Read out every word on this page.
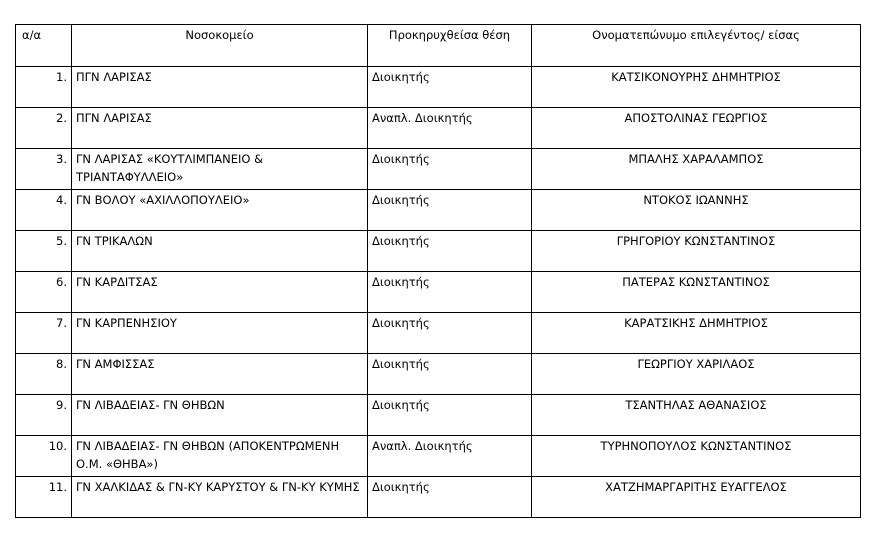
α/α	Νοσοκομείο	Προκηρυχθείσα θέση	Ονοματεπώνυμο επιλεγέντος/ είσας
1.	ΠΓΝ ΛΑΡΙΣΑΣ	Διοικητής	ΚΑΤΣΙΚΟΝΟΥΡΗΣ ΔΗΜΗΤΡΙΟΣ
2.	ΠΓΝ ΛΑΡΙΣΑΣ	Αναπλ. Διοικητής	ΑΠΟΣΤΟΛΙΝΑΣ ΓΕΩΡΓΙΟΣ
3.	ΓΝ ΛΑΡΙΣΑΣ «ΚΟΥΤΛΙΜΠΑΝΕΙΟ & ΤΡΙΑΝΤΑΦΥΛΛΕΙΟ»	Διοικητής	ΜΠΑΛΗΣ ΧΑΡΑΛΑΜΠΟΣ
4.	ΓΝ ΒΟΛΟΥ «ΑΧΙΛΛΟΠΟΥΛΕΙΟ»	Διοικητής	ΝΤΟΚΟΣ ΙΩΑΝΝΗΣ
5.	ΓΝ ΤΡΙΚΑΛΩΝ	Διοικητής	ΓΡΗΓΟΡΙΟΥ ΚΩΝΣΤΑΝΤΙΝΟΣ
6.	ΓΝ ΚΑΡΔΙΤΣΑΣ	Διοικητής	ΠΑΤΕΡΑΣ ΚΩΝΣΤΑΝΤΙΝΟΣ
7.	ΓΝ ΚΑΡΠΕΝΗΣΙΟΥ	Διοικητής	ΚΑΡΑΤΣΙΚΗΣ ΔΗΜΗΤΡΙΟΣ
8.	ΓΝ ΑΜΦΙΣΣΑΣ	Διοικητής	ΓΕΩΡΓΙΟΥ ΧΑΡΙΛΑΟΣ
9.	ΓΝ ΛΙΒΑΔΕΙΑΣ- ΓΝ ΘΗΒΩΝ	Διοικητής	ΤΣΑΝΤΗΛΑΣ ΑΘΑΝΑΣΙΟΣ
10.	ΓΝ ΛΙΒΑΔΕΙΑΣ- ΓΝ ΘΗΒΩΝ (ΑΠΟΚΕΝΤΡΩΜΕΝΗ Ο.Μ. «ΘΗΒΑ»)	Αναπλ. Διοικητής	ΤΥΡΗΝΟΠΟΥΛΟΣ ΚΩΝΣΤΑΝΤΙΝΟΣ
11.	ΓΝ ΧΑΛΚΙΔΑΣ & ΓΝ-ΚΥ ΚΑΡΥΣΤΟΥ & ΓΝ-ΚΥ ΚΥΜΗΣ	Διοικητής	ΧΑΤΖΗΜΑΡΓΑΡΙΤΗΣ ΕΥΑΓΓΕΛΟΣ
